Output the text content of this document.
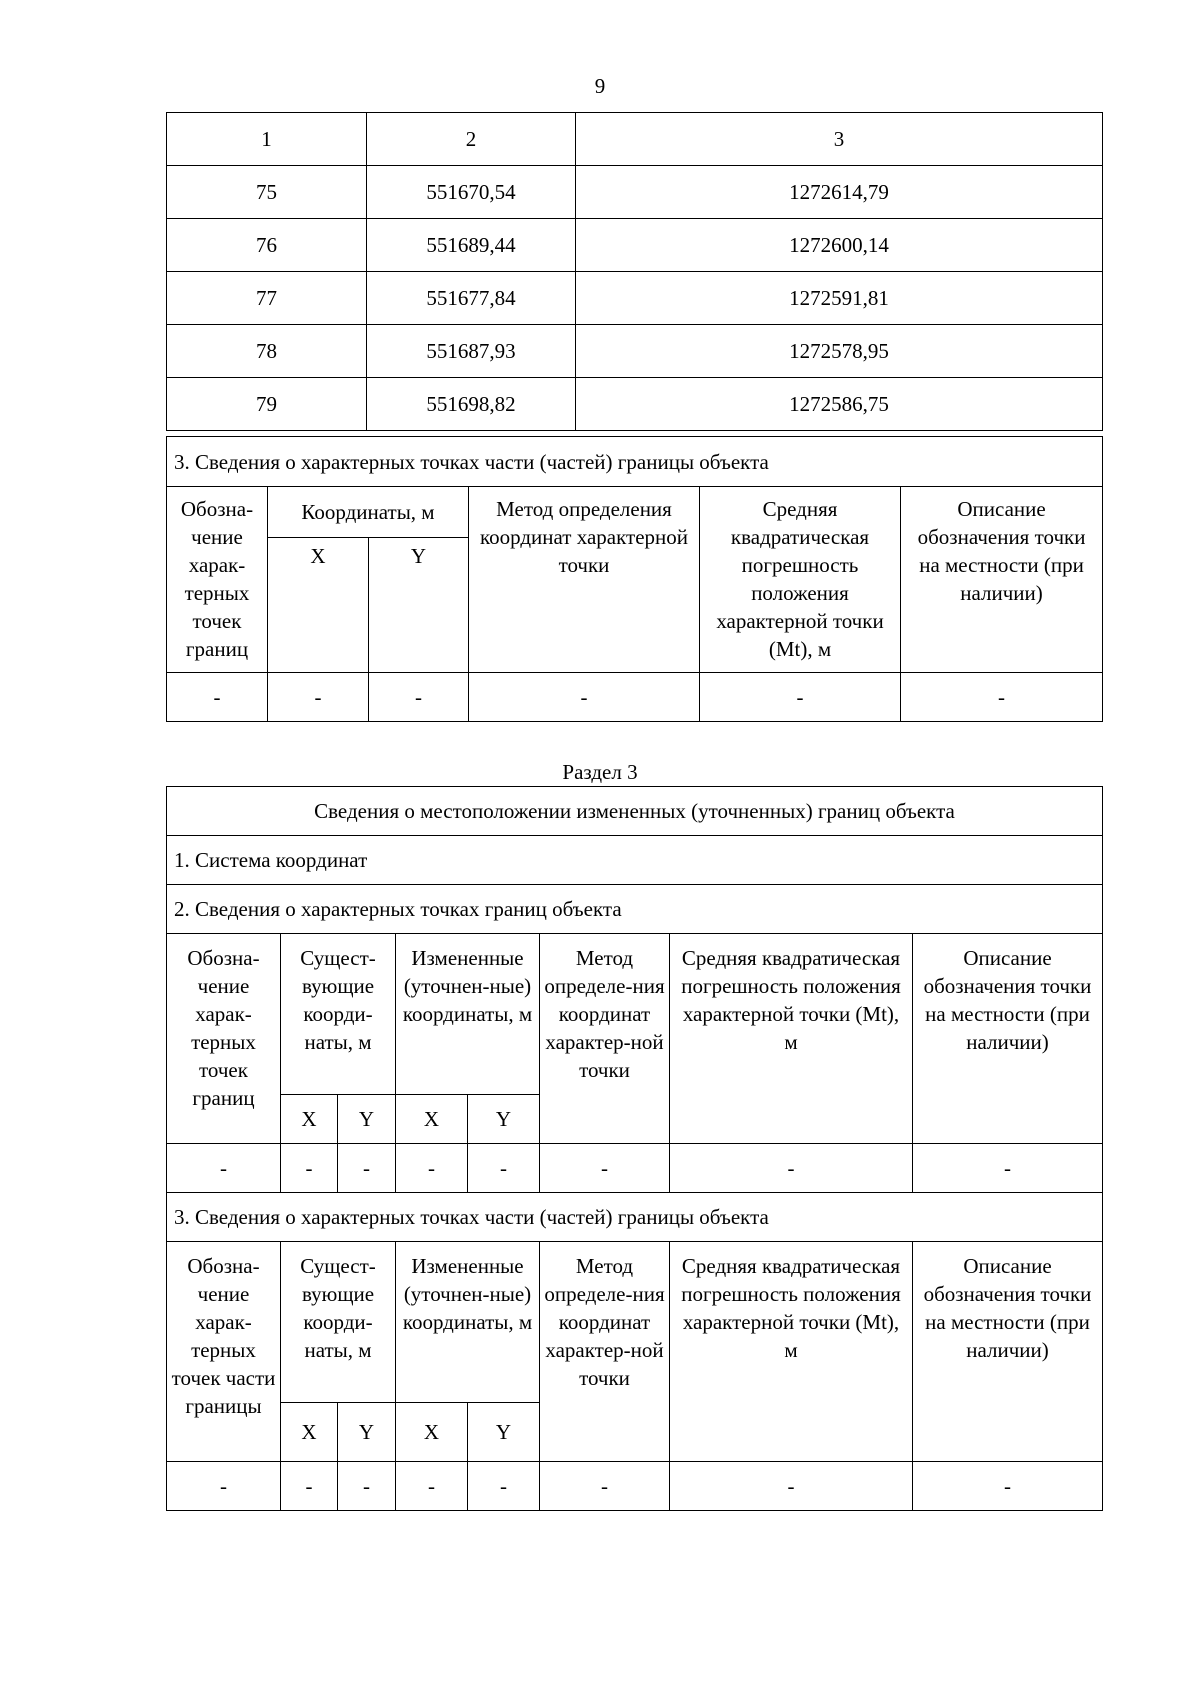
9
1	2	3
75	551670,54	1272614,79
76	551689,44	1272600,14
77	551677,84	1272591,81
78	551687,93	1272578,95
79	551698,82	1272586,75
3. Сведения о характерных точках части (частей) границы объекта					
Обозна-чение харак-терных точек границ	Координаты, м		Метод определения координат характерной точки	Средняя квадратическая погрешность положения характерной точки (Mt), м	Описание обозначения точки на местности (при наличии)
	X	Y			
-	-	-	-	-	-
Раздел 3
Сведения о местоположении измененных (уточненных) границ объекта							
1. Система координат							
2. Сведения о характерных точках границ объекта							
Обозна-чение харак-терных точек границ	Сущест-вующие коорди-наты, м		Измененные (уточнен-ные) координаты, м		Метод определе-ния координат характер-ной точки	Средняя квадратическая погрешность положения характерной точки (Mt), м	Описание обозначения точки на местности (при наличии)
	X	Y	X	Y			
-	-	-	-	-	-	-	-
3. Сведения о характерных точках части (частей) границы объекта							
Обозна-чение харак-терных точек части границы	Сущест-вующие коорди-наты, м		Измененные (уточнен-ные) координаты, м		Метод определе-ния координат характер-ной точки	Средняя квадратическая погрешность положения характерной точки (Mt), м	Описание обозначения точки на местности (при наличии)
	X	Y	X	Y			
-	-	-	-	-	-	-	-
